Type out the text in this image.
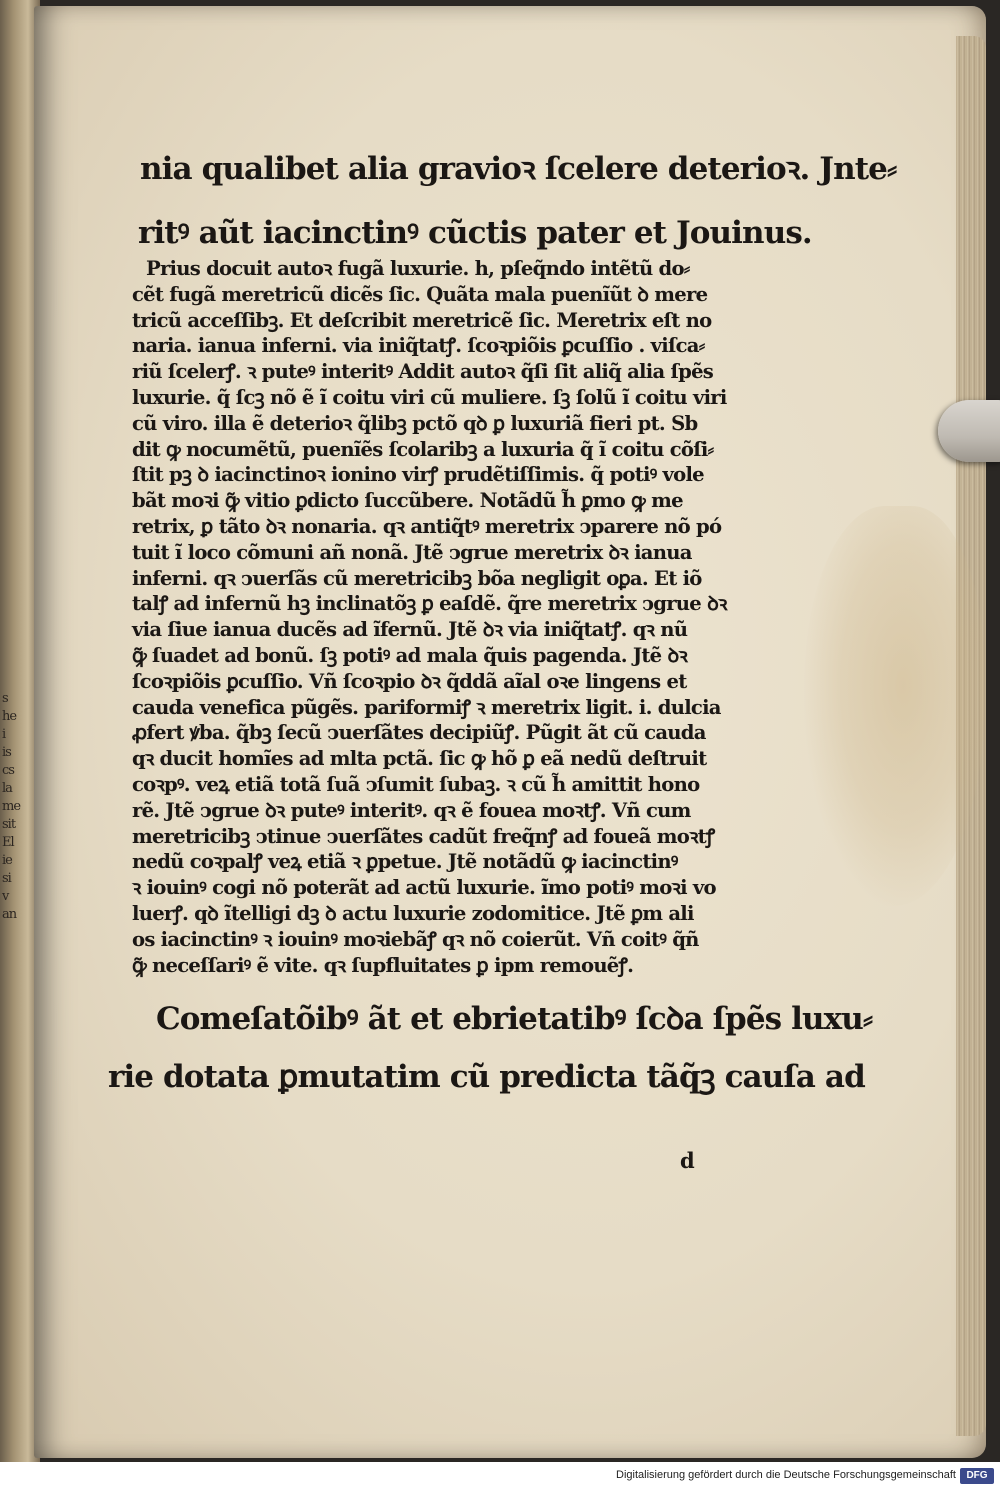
s
he
i
is
cs
la
me
sit
El
ie
si
v
an
nia qualibet alia gravioꝛ ſcelere deterioꝛ. Jnte⸗
ritꝰ aũt iacinctinꝰ cũctis pater et Jouinus.
Prius docuit autoꝛ fugã luxurie. h, pſeq̃ndo intẽtũ do⸗
cẽt fugã meretricũ dicẽs ſic. Quãta mala puenĩũt ꝺ mere
tricũ acceſſibꝫ. Et deſcribit meretricẽ ſic. Meretrix eſt no
naria. ianua inferni. via iniq̃tatꝭ. ſcoꝛpiõis ꝑcuſſio . viſca⸗
riũ ſcelerꝭ. ꝛ puteꝰ interitꝰ Addit autoꝛ q̃ſi ſit aliq̃ alia ſpẽs
luxurie. q̃ ſcꝫ nõ ẽ ĩ coitu viri cũ muliere. ſꝫ ſolũ ĩ coitu viri
cũ viro. illa ẽ deterioꝛ q̃libꝫ pctõ qꝺ ꝑ luxuriã fieri pt. Sb
dit ꝙ nocumẽtũ, puenĩẽs ſcolaribꝫ a luxuria q̃ ĩ coitu cõſi⸗
ſtit pꝫ ꝺ iacinctinoꝛ ionino virꝭ prudẽtiſſimis. q̃ potiꝰ vole
bãt moꝛi ꝙ̃ vitio ꝑdicto ſuccũbere. Notãdũ h̃ ꝑmo ꝙ me
retrix, ꝑ tãto ꝺꝛ nonaria. qꝛ antiq̃tꝰ meretrix ↄparere nõ pó
tuit ĩ loco cõmuni añ nonã. Jtẽ ↄgrue meretrix ꝺꝛ ianua
inferni. qꝛ ↄuerſãs cũ meretricibꝫ bõa negligit oꝑa. Et iõ
talꝭ ad infernũ hꝫ inclinatõꝫ ꝑ eaſdẽ. q̃re meretrix ↄgrue ꝺꝛ
via ſiue ianua ducẽs ad ĩfernũ. Jtẽ ꝺꝛ via iniq̃tatꝭ. qꝛ nũ
ꝙ̃ ſuadet ad bonũ. ſꝫ potiꝰ ad mala q̃uis pagenda. Jtẽ ꝺꝛ
ſcoꝛpiõis ꝑcuſſio. Vñ ſcoꝛpio ꝺꝛ q̃ddã aĩal oꝛe lingens et
cauda venefica pũgẽs. pariformiꝭ ꝛ meretrix ligit. i. dulcia
ꝓfert ꝟba. q̃bꝫ ſecũ ↄuerſãtes decipiũꝭ. Pũgit ãt cũ cauda
qꝛ ducit homĩes ad mlta pctã. ſic ꝙ hõ ꝑ eã nedũ deſtruit
coꝛpꝰ. veꝝ etiã totã ſuã ↄſumit ſubaꝫ. ꝛ cũ h̃ amittit hono
rẽ. Jtẽ ↄgrue ꝺꝛ puteꝰ interitꝰ. qꝛ ẽ fouea moꝛtꝭ. Vñ cum
meretricibꝫ ↄtinue ↄuerſãtes cadũt freq̃nꝭ ad foueã moꝛtꝭ
nedũ coꝛpalꝭ veꝝ etiã ꝛ ꝑpetue. Jtẽ notãdũ ꝙ iacinctinꝰ
ꝛ iouinꝰ cogi nõ poterãt ad actũ luxurie. ĩmo potiꝰ moꝛi vo
luerꝭ. qꝺ ĩtelligi dꝫ ꝺ actu luxurie zodomitice. Jtẽ ꝑm ali
os iacinctinꝰ ꝛ iouinꝰ moꝛiebãꝭ qꝛ nõ coierũt. Vñ coitꝰ q̃ñ
ꝙ̃ neceſſariꝰ ẽ vite. qꝛ ſupfluitates ꝑ ipm remouẽꝭ.
Comeſatõibꝰ ãt et ebrietatibꝰ ſcꝺa ſpẽs luxu⸗
rie dotata ꝑmutatim cũ predicta tãq̃ꝫ cauſa ad
d
Digitalisierung gefördert durch die Deutsche Forschungsgemeinschaft	DFG
